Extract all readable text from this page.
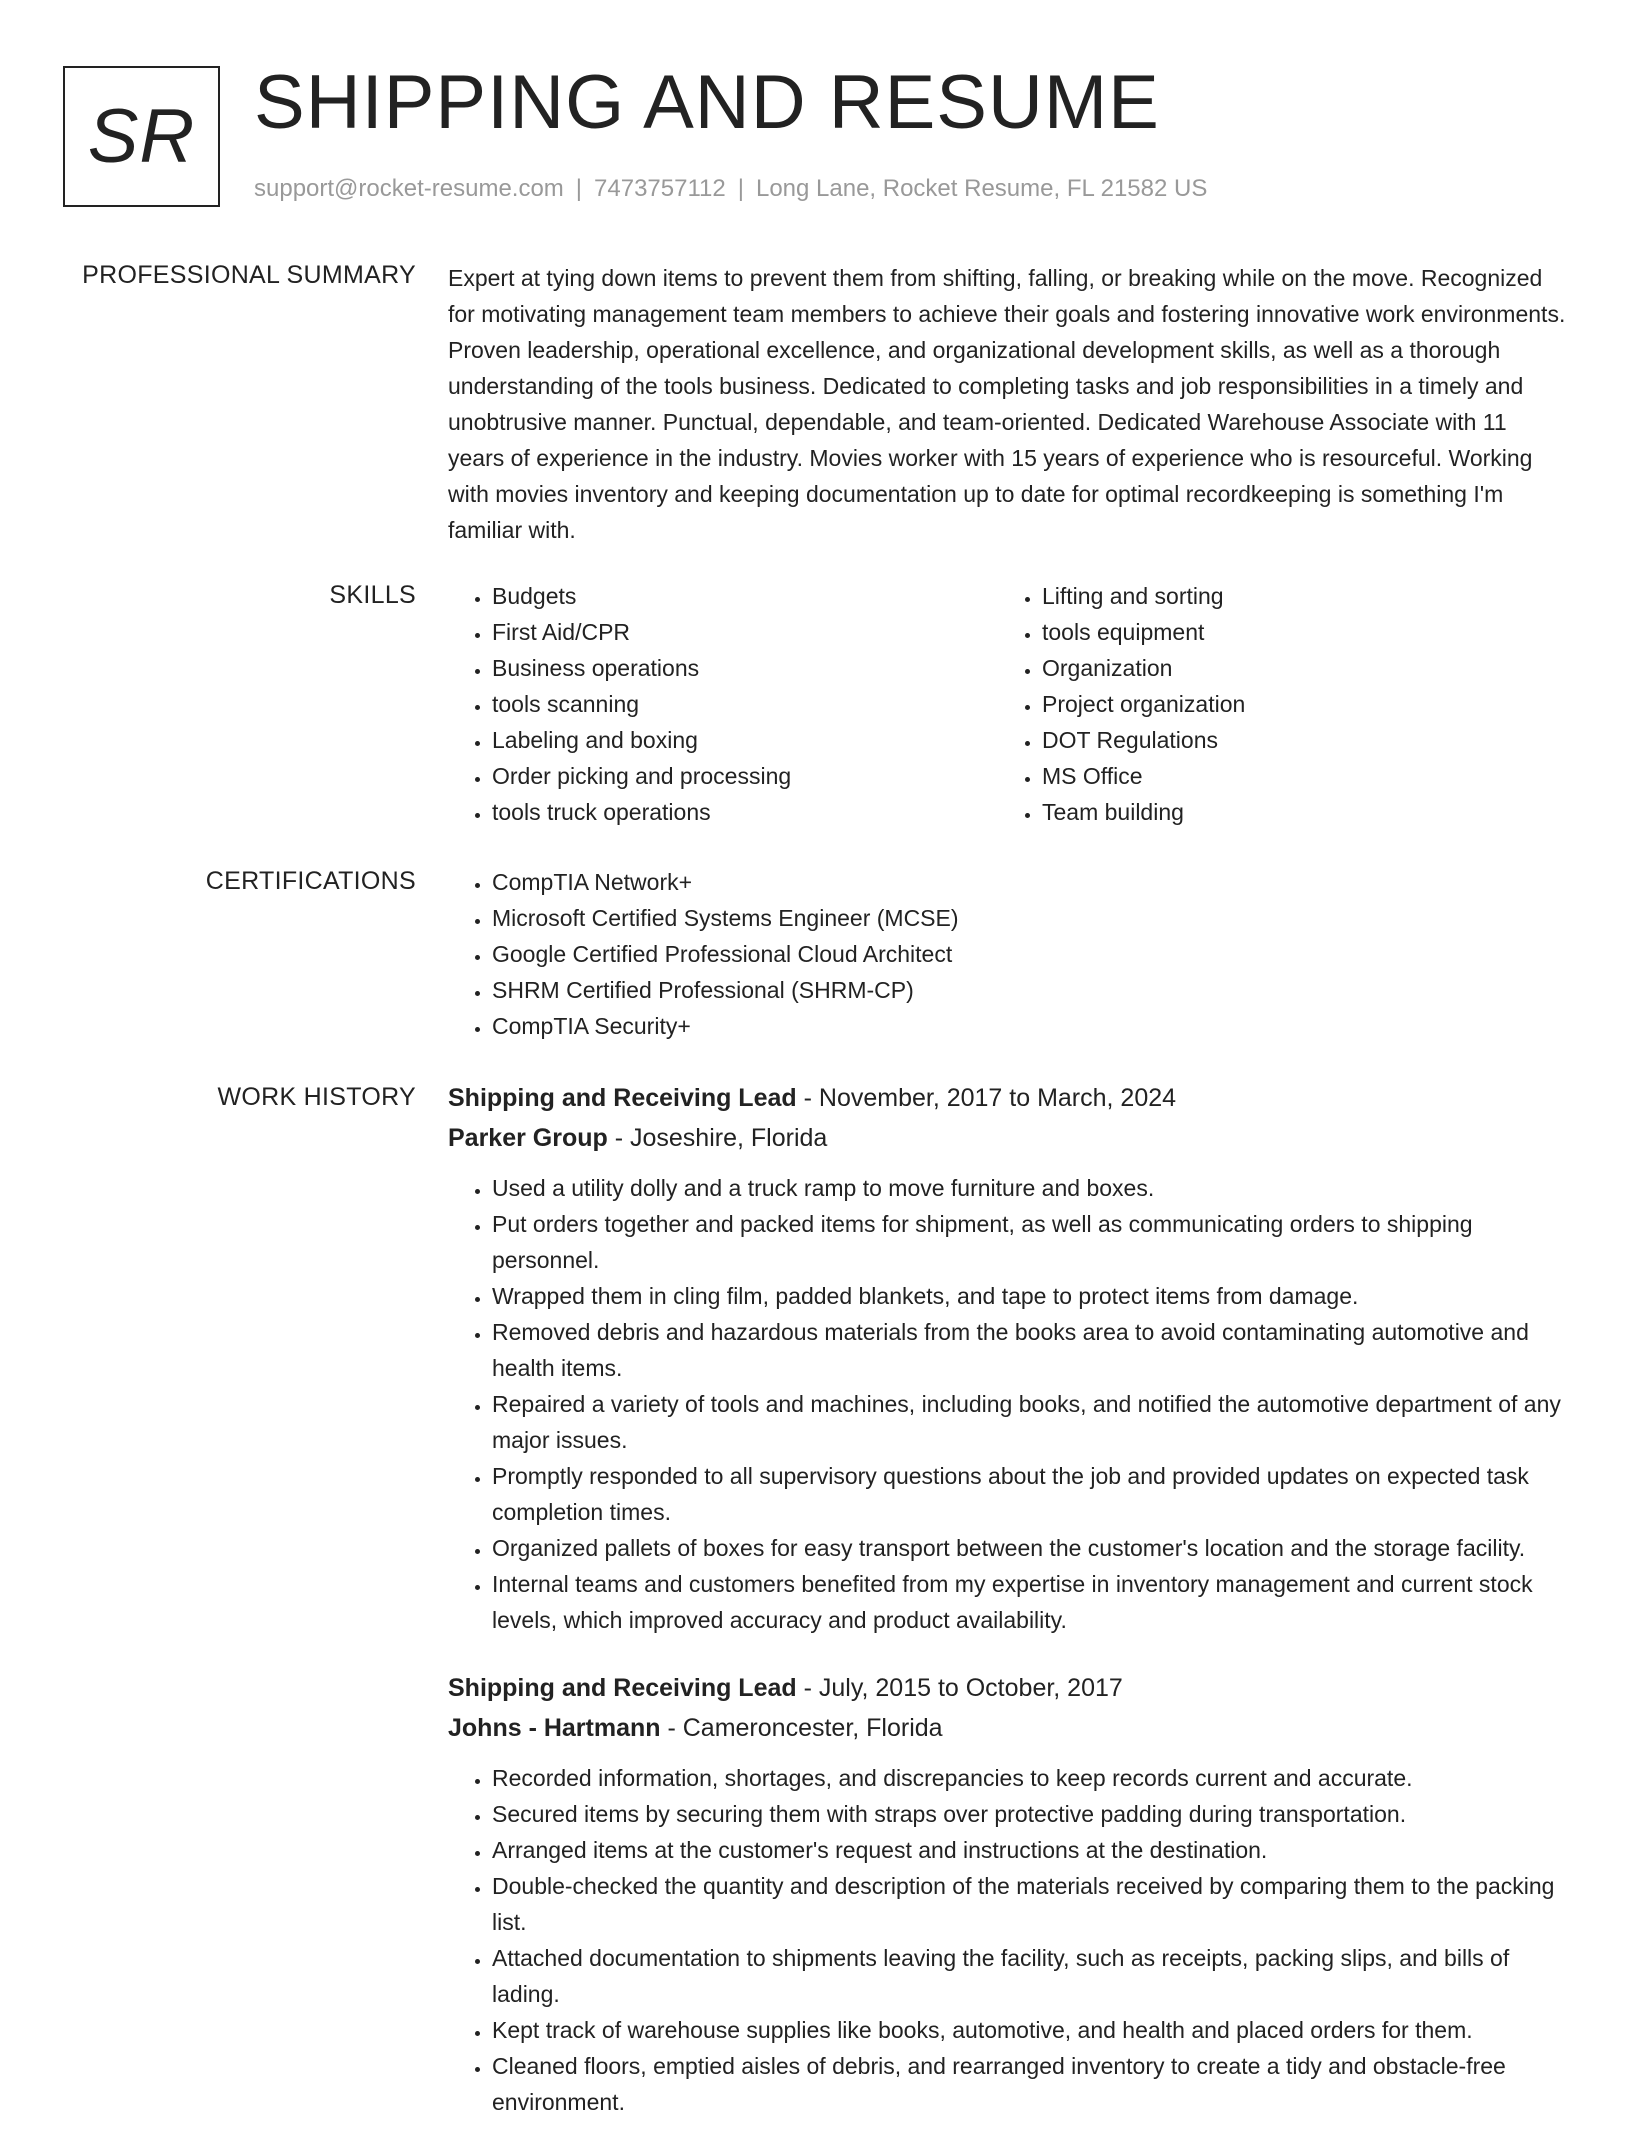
SR SHIPPING AND RESUME
support@rocket-resume.com | 7473757112 | Long Lane, Rocket Resume, FL 21582 US
PROFESSIONAL SUMMARY Expert at tying down items to prevent them from shifting, falling, or breaking while on the move. Recognized for motivating management team members to achieve their goals and fostering innovative work environments. Proven leadership, operational excellence, and organizational development skills, as well as a thorough understanding of the tools business. Dedicated to completing tasks and job responsibilities in a timely and unobtrusive manner. Punctual, dependable, and team-oriented. Dedicated Warehouse Associate with 11 years of experience in the industry. Movies worker with 15 years of experience who is resourceful. Working with movies inventory and keeping documentation up to date for optimal recordkeeping is something I'm familiar with.

SKILLS	• Budgets
• First Aid/CPR
• Business operations
• tools scanning
• Labeling and boxing
• Order picking and processing
• tools truck operations
• Lifting and sorting
• tools equipment
• Organization
• Project organization
• DOT Regulations
• MS Office
• Team building
CERTIFICATIONS	• CompTIA Network+
• Microsoft Certified Systems Engineer (MCSE)
• Google Certified Professional Cloud Architect
• SHRM Certified Professional (SHRM-CP)
• CompTIA Security+
WORK HISTORY Shipping and Receiving Lead - November, 2017 to March, 2024
Parker Group - Joseshire, Florida
• Used a utility dolly and a truck ramp to move furniture and boxes.
• Put orders together and packed items for shipment, as well as communicating orders to shipping personnel.
• Wrapped them in cling film, padded blankets, and tape to protect items from damage.
• Removed debris and hazardous materials from the books area to avoid contaminating automotive and health items.
• Repaired a variety of tools and machines, including books, and notified the automotive department of any major issues.
• Promptly responded to all supervisory questions about the job and provided updates on expected task completion times.
• Organized pallets of boxes for easy transport between the customer's location and the storage facility.
• Internal teams and customers benefited from my expertise in inventory management and current stock levels, which improved accuracy and product availability.
Shipping and Receiving Lead - July, 2015 to October, 2017
Johns - Hartmann - Cameroncester, Florida
• Recorded information, shortages, and discrepancies to keep records current and accurate.
• Secured items by securing them with straps over protective padding during transportation.
• Arranged items at the customer's request and instructions at the destination.
• Double-checked the quantity and description of the materials received by comparing them to the packing list.
• Attached documentation to shipments leaving the facility, such as receipts, packing slips, and bills of lading.
• Kept track of warehouse supplies like books, automotive, and health and placed orders for them.
• Cleaned floors, emptied aisles of debris, and rearranged inventory to create a tidy and obstacle-free environment.
